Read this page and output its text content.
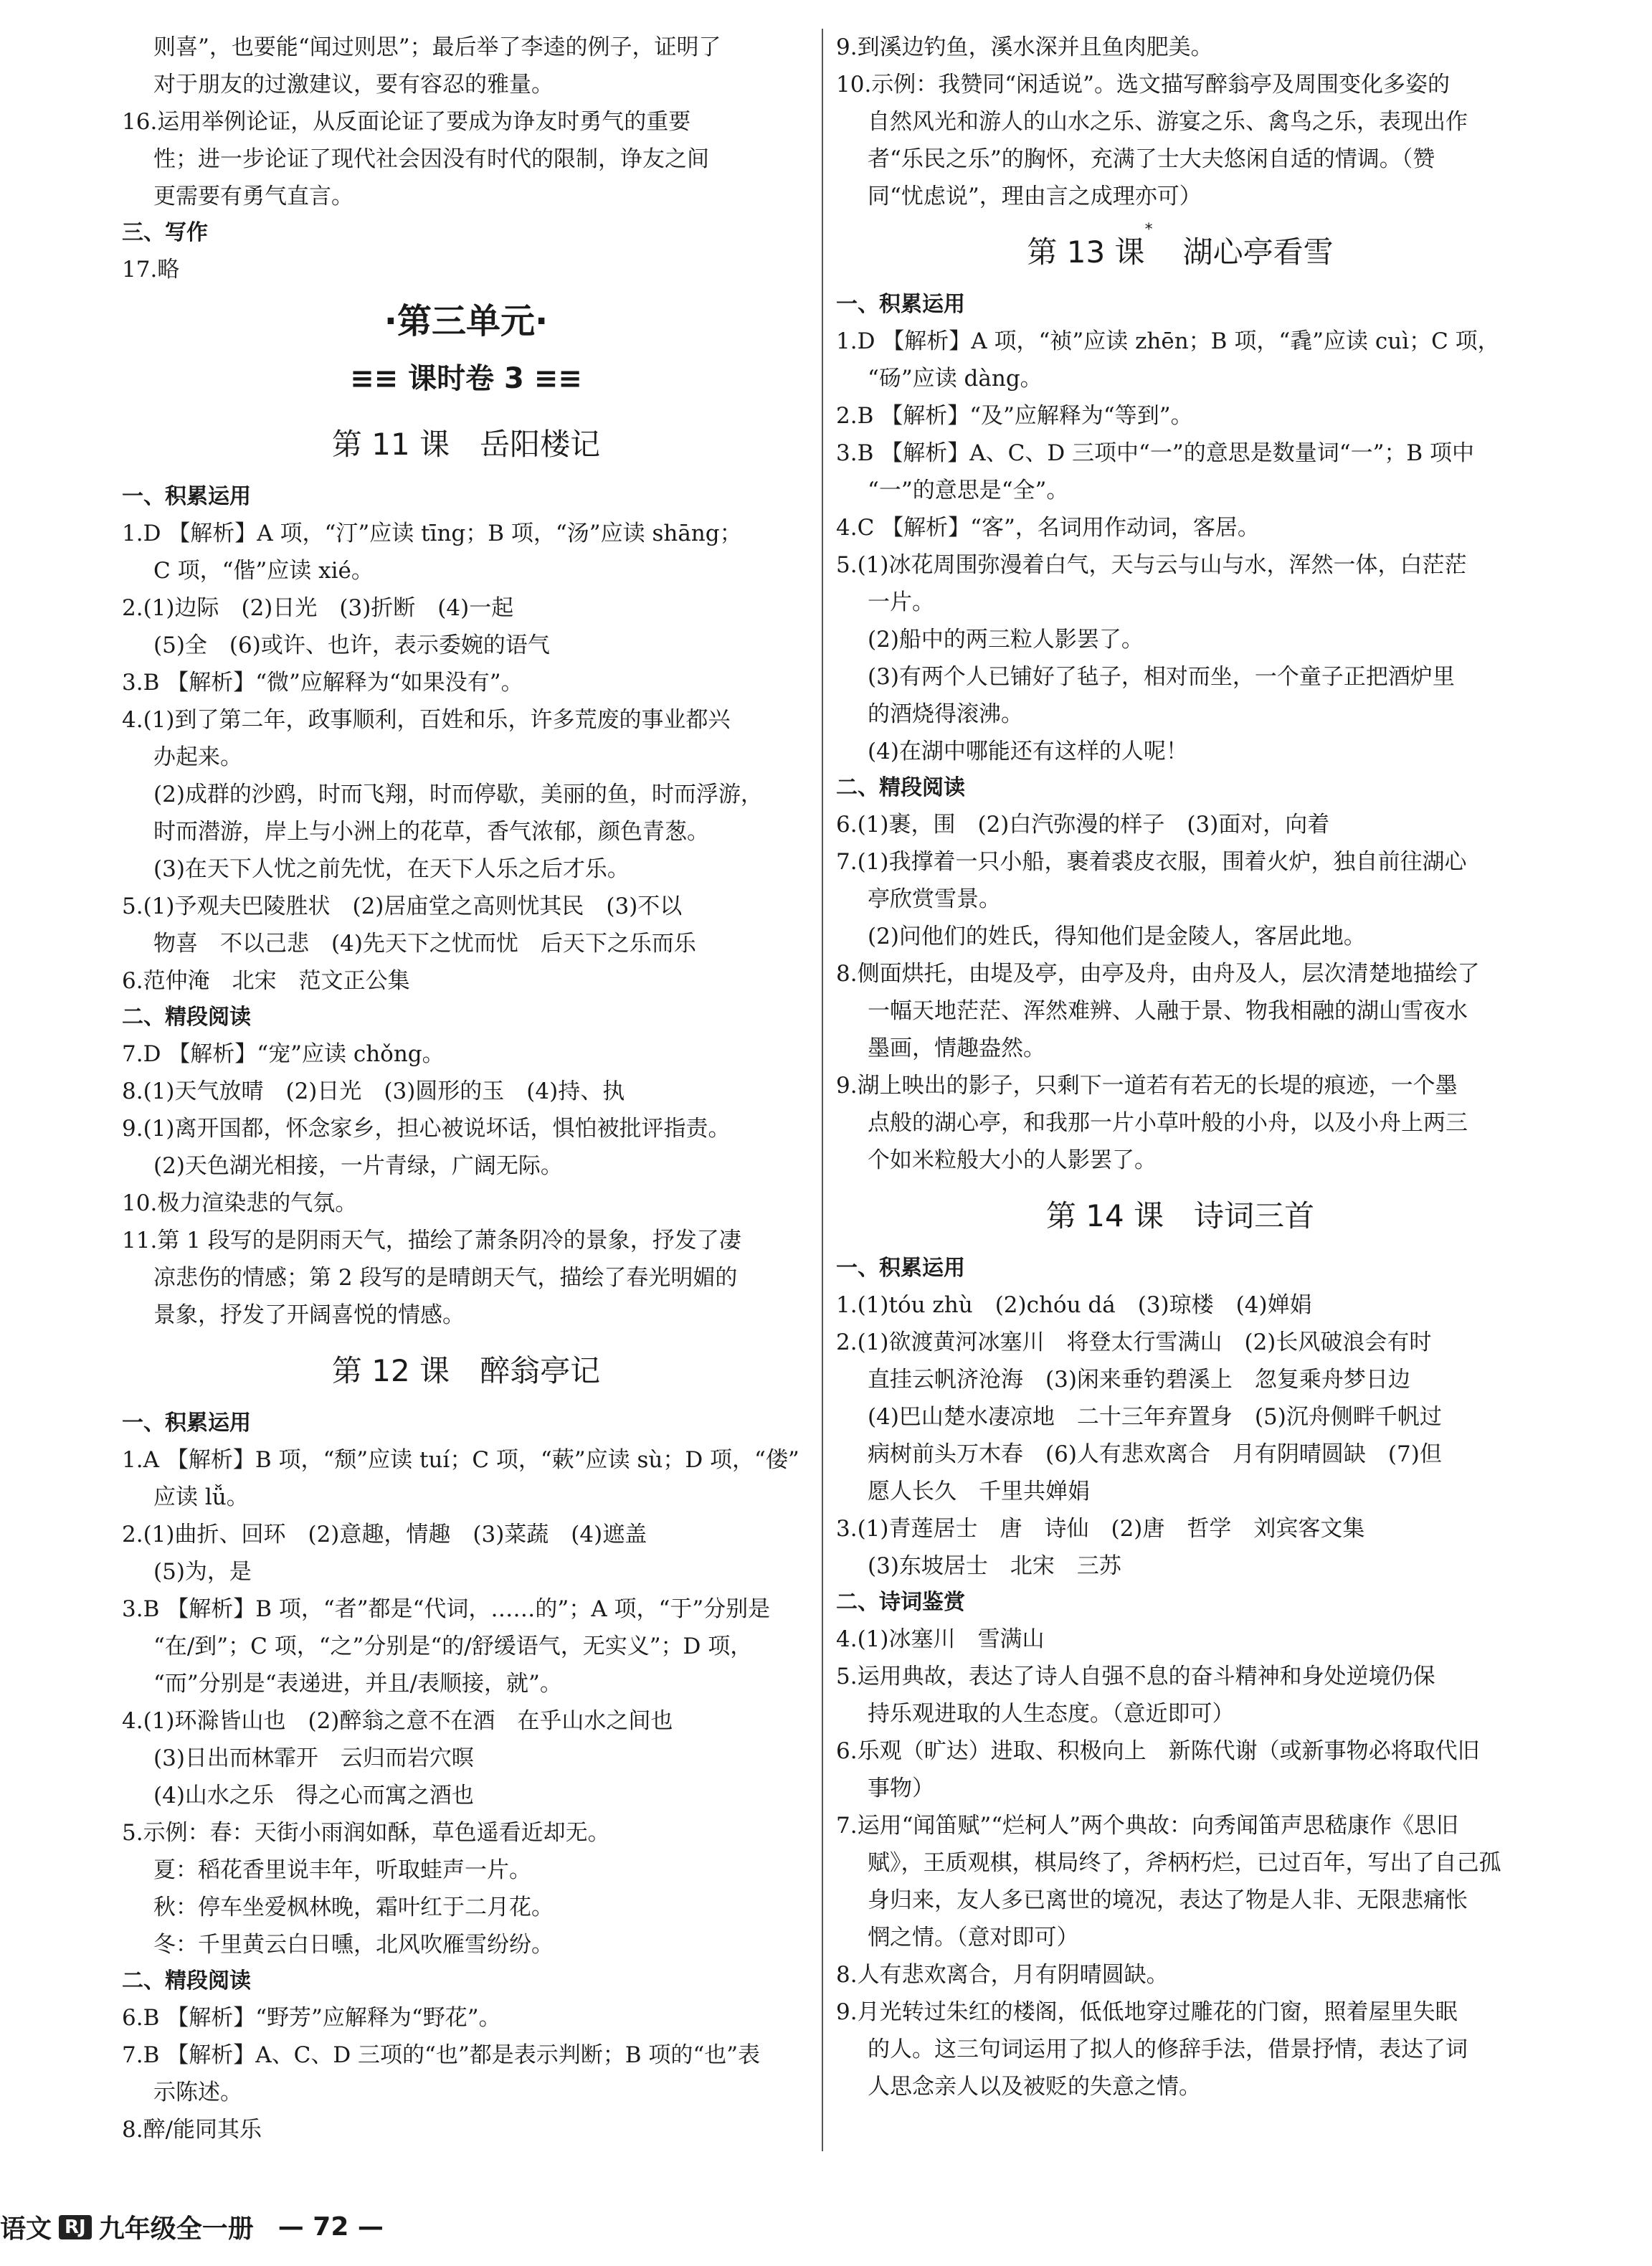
则喜”，也要能“闻过则思”；最后举了李逵的例子，证明了

对于朋友的过激建议，要有容忍的雅量。

16.运用举例论证，从反面论证了要成为诤友时勇气的重要

性；进一步论证了现代社会因没有时代的限制，诤友之间

更需要有勇气直言。

三、写作

17.略

·第三单元·
≡≡ 课时卷 3 ≡≡
第 11 课　岳阳楼记

一、积累运用

1.D 【解析】A 项，“汀”应读 tīng；B 项，“汤”应读 shāng；

C 项，“偕”应读 xié。

2.(1)边际　(2)日光　(3)折断　(4)一起

(5)全　(6)或许、也许，表示委婉的语气

3.B 【解析】“微”应解释为“如果没有”。

4.(1)到了第二年，政事顺利，百姓和乐，许多荒废的事业都兴

办起来。

(2)成群的沙鸥，时而飞翔，时而停歇，美丽的鱼，时而浮游，

时而潜游，岸上与小洲上的花草，香气浓郁，颜色青葱。

(3)在天下人忧之前先忧，在天下人乐之后才乐。

5.(1)予观夫巴陵胜状　(2)居庙堂之高则忧其民　(3)不以

物喜　不以己悲　(4)先天下之忧而忧　后天下之乐而乐

6.范仲淹　北宋　范文正公集

二、精段阅读

7.D 【解析】“宠”应读 chǒng。

8.(1)天气放晴　(2)日光　(3)圆形的玉　(4)持、执

9.(1)离开国都，怀念家乡，担心被说坏话，惧怕被批评指责。

(2)天色湖光相接，一片青绿，广阔无际。

10.极力渲染悲的气氛。

11.第 1 段写的是阴雨天气，描绘了萧条阴冷的景象，抒发了凄

凉悲伤的情感；第 2 段写的是晴朗天气，描绘了春光明媚的

景象，抒发了开阔喜悦的情感。

第 12 课　醉翁亭记

一、积累运用

1.A 【解析】B 项，“颓”应读 tuí；C 项，“蔌”应读 sù；D 项，“偻”

应读 lǚ。

2.(1)曲折、回环　(2)意趣，情趣　(3)菜蔬　(4)遮盖

(5)为，是

3.B 【解析】B 项，“者”都是“代词，……的”；A 项，“于”分别是

“在/到”；C 项，“之”分别是“的/舒缓语气，无实义”；D 项，

“而”分别是“表递进，并且/表顺接，就”。

4.(1)环滁皆山也　(2)醉翁之意不在酒　在乎山水之间也

(3)日出而林霏开　云归而岩穴暝

(4)山水之乐　得之心而寓之酒也

5.示例：春：天街小雨润如酥，草色遥看近却无。

夏：稻花香里说丰年，听取蛙声一片。

秋：停车坐爱枫林晚，霜叶红于二月花。

冬：千里黄云白日曛，北风吹雁雪纷纷。

二、精段阅读

6.B 【解析】“野芳”应解释为“野花”。

7.B 【解析】A、C、D 三项的“也”都是表示判断；B 项的“也”表

示陈述。

8.醉/能同其乐

9.到溪边钓鱼，溪水深并且鱼肉肥美。

10.示例：我赞同“闲适说”。选文描写醉翁亭及周围变化多姿的

自然风光和游人的山水之乐、游宴之乐、禽鸟之乐，表现出作

者“乐民之乐”的胸怀，充满了士大夫悠闲自适的情调。（赞

同“忧虑说”，理由言之成理亦可）

第 13 课*　湖心亭看雪

一、积累运用

1.D 【解析】A 项，“祯”应读 zhēn；B 项，“毳”应读 cuì；C 项，

“砀”应读 dàng。

2.B 【解析】“及”应解释为“等到”。

3.B 【解析】A、C、D 三项中“一”的意思是数量词“一”；B 项中

“一”的意思是“全”。

4.C 【解析】“客”，名词用作动词，客居。

5.(1)冰花周围弥漫着白气，天与云与山与水，浑然一体，白茫茫

一片。

(2)船中的两三粒人影罢了。

(3)有两个人已铺好了毡子，相对而坐，一个童子正把酒炉里

的酒烧得滚沸。

(4)在湖中哪能还有这样的人呢！

二、精段阅读

6.(1)裹，围　(2)白汽弥漫的样子　(3)面对，向着

7.(1)我撑着一只小船，裹着裘皮衣服，围着火炉，独自前往湖心

亭欣赏雪景。

(2)问他们的姓氏，得知他们是金陵人，客居此地。

8.侧面烘托，由堤及亭，由亭及舟，由舟及人，层次清楚地描绘了

一幅天地茫茫、浑然难辨、人融于景、物我相融的湖山雪夜水

墨画，情趣盎然。

9.湖上映出的影子，只剩下一道若有若无的长堤的痕迹，一个墨

点般的湖心亭，和我那一片小草叶般的小舟，以及小舟上两三

个如米粒般大小的人影罢了。

第 14 课　诗词三首

一、积累运用

1.(1)tóu zhù　(2)chóu dá　(3)琼楼　(4)婵娟

2.(1)欲渡黄河冰塞川　将登太行雪满山　(2)长风破浪会有时

直挂云帆济沧海　(3)闲来垂钓碧溪上　忽复乘舟梦日边

(4)巴山楚水凄凉地　二十三年弃置身　(5)沉舟侧畔千帆过

病树前头万木春　(6)人有悲欢离合　月有阴晴圆缺　(7)但

愿人长久　千里共婵娟

3.(1)青莲居士　唐　诗仙　(2)唐　哲学　刘宾客文集

(3)东坡居士　北宋　三苏

二、诗词鉴赏

4.(1)冰塞川　雪满山

5.运用典故，表达了诗人自强不息的奋斗精神和身处逆境仍保

持乐观进取的人生态度。（意近即可）

6.乐观（旷达）进取、积极向上　新陈代谢（或新事物必将取代旧

事物）

7.运用“闻笛赋”“烂柯人”两个典故：向秀闻笛声思嵇康作《思旧

赋》，王质观棋，棋局终了，斧柄朽烂，已过百年，写出了自己孤

身归来，友人多已离世的境况，表达了物是人非、无限悲痛怅

惘之情。（意对即可）

8.人有悲欢离合，月有阴晴圆缺。

9.月光转过朱红的楼阁，低低地穿过雕花的门窗，照着屋里失眠

的人。这三句词运用了拟人的修辞手法，借景抒情，表达了词

人思念亲人以及被贬的失意之情。

语文 RJ 九年级全一册 — 72 —
